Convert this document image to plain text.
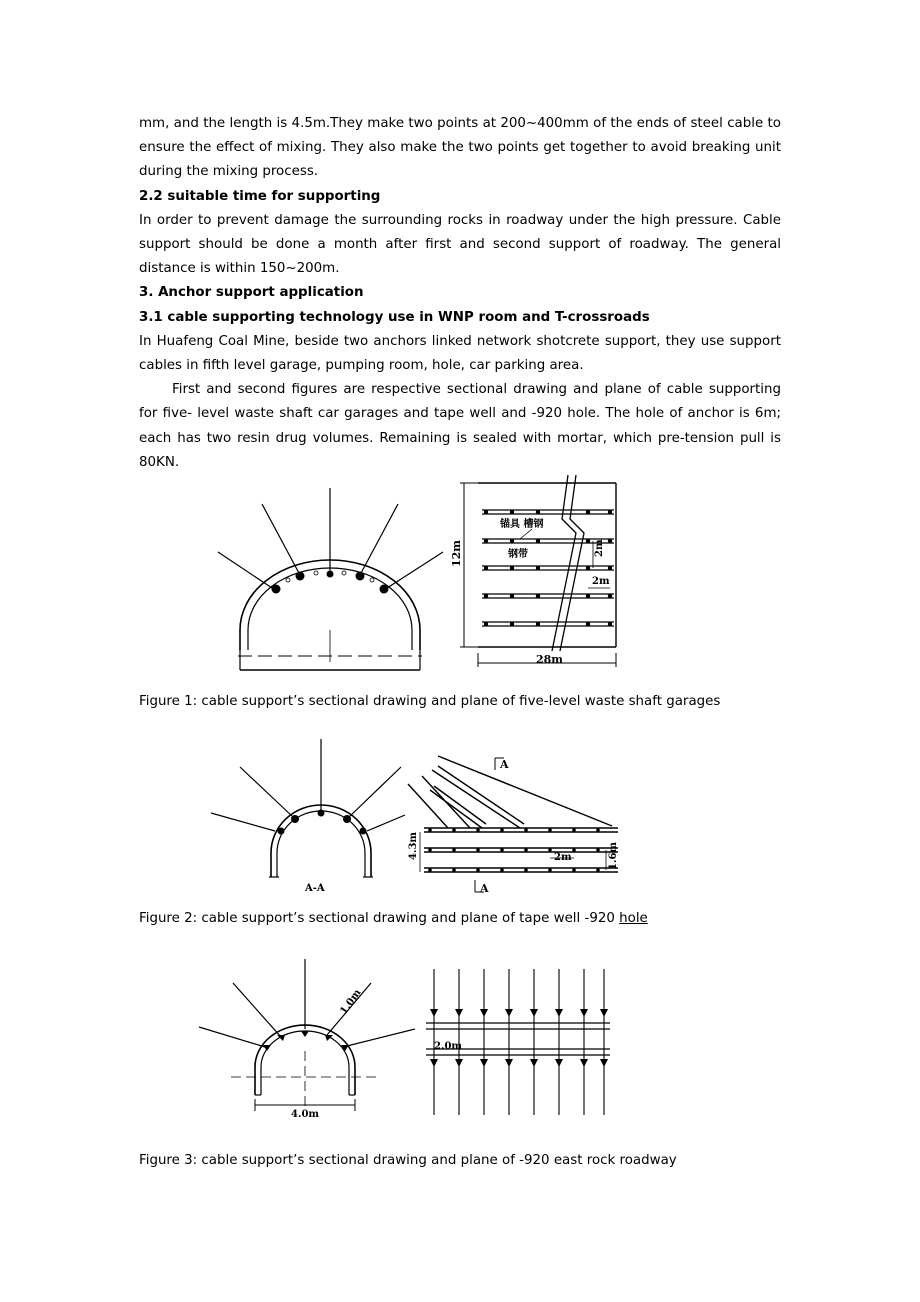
mm, and the length is 4.5m.They make two points at 200~400mm of the ends of steel cable to ensure the effect of mixing. They also make the two points get together to avoid breaking unit during the mixing process.

2.2 suitable time for supporting

In order to prevent damage the surrounding rocks in roadway under the high pressure. Cable support should be done a month after first and second support of roadway. The general distance is within 150~200m.

3. Anchor support application

3.1 cable supporting technology use in WNP room and T-crossroads

In Huafeng Coal Mine, beside two anchors linked network shotcrete support, they use support cables in fifth level garage, pumping room, hole, car parking area.

First and second figures are respective sectional drawing and plane of cable supporting for five- level waste shaft car garages and tape well and -920 hole. The hole of anchor is 6m; each has two resin drug volumes. Remaining is sealed with mortar, which pre-tension pull is 80KN.

12m
28m
锚具 槽钢
钢带	2m
2m

Figure 1: cable support’s sectional drawing and plane of five-level waste shaft garages

A-A
4.3m	2m	1.6m
A
A

Figure 2: cable support’s sectional drawing and plane of tape well -920 hole

1.0m
4.0m
2.0m

Figure 3: cable support’s sectional drawing and plane of -920 east rock roadway
